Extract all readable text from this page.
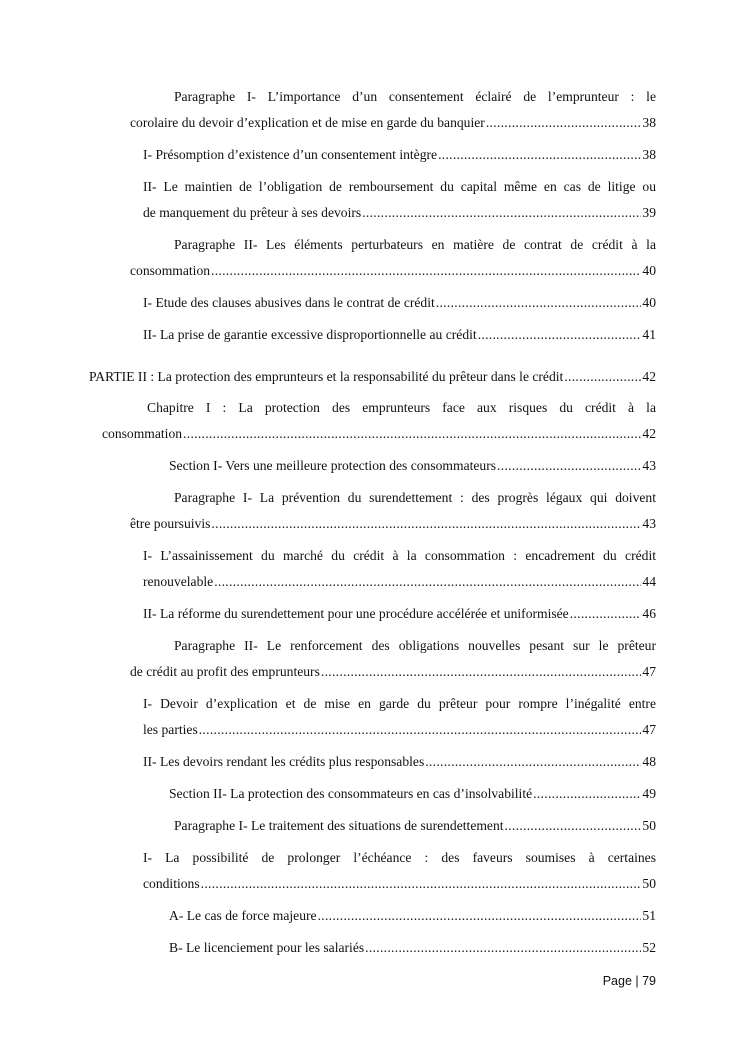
Paragraphe I- L’importance d’un consentement éclairé de l’emprunteur : le
corolaire du devoir d’explication et de mise en garde du banquier .....	38
I- Présomption d’existence d’un consentement intègre .....	38
II- Le maintien de l’obligation de remboursement du capital même en cas de litige ou
de manquement du prêteur à ses devoirs .....	39
Paragraphe II- Les éléments perturbateurs en matière de contrat de crédit à la
consommation .....	40
I- Etude des clauses abusives dans le contrat de crédit .....	40
II- La prise de garantie excessive disproportionnelle au crédit .....	41
PARTIE II : La protection des emprunteurs et la responsabilité du prêteur dans le crédit .....	42
Chapitre I : La protection des emprunteurs face aux risques du crédit à la
consommation .....	42
Section I- Vers une meilleure protection des consommateurs .....	43
Paragraphe I- La prévention du surendettement : des progrès légaux qui doivent
être poursuivis .....	43
I- L’assainissement du marché du crédit à la consommation : encadrement du crédit
renouvelable .....	44
II- La réforme du surendettement pour une procédure accélérée et uniformisée .....	46
Paragraphe II- Le renforcement des obligations nouvelles pesant sur le prêteur
de crédit au profit des emprunteurs .....	47
I- Devoir d’explication et de mise en garde du prêteur pour rompre l’inégalité entre
les parties .....	47
II- Les devoirs rendant les crédits plus responsables .....	48
Section II- La protection des consommateurs en cas d’insolvabilité .....	49
Paragraphe I- Le traitement des situations de surendettement .....	50
I- La possibilité de prolonger l’échéance : des faveurs soumises à certaines
conditions .....	50
A- Le cas de force majeure .....	51
B- Le licenciement pour les salariés .....	52
Page | 79
